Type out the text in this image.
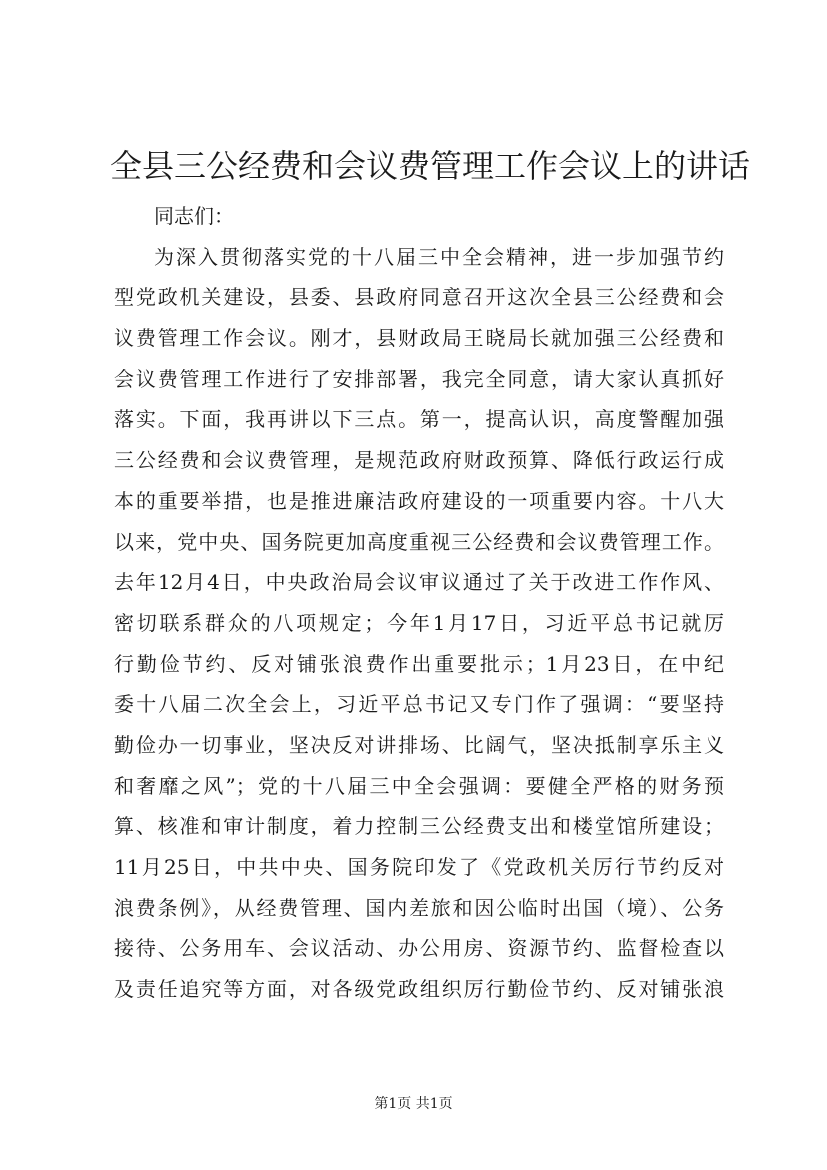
全县三公经费和会议费管理工作会议上的讲话
同志们：
为深入贯彻落实党的十八届三中全会精神，进一步加强节约
型党政机关建设，县委、县政府同意召开这次全县三公经费和会
议费管理工作会议。刚才，县财政局王晓局长就加强三公经费和
会议费管理工作进行了安排部署，我完全同意，请大家认真抓好
落实。下面，我再讲以下三点。第一，提高认识，高度警醒加强
三公经费和会议费管理，是规范政府财政预算、降低行政运行成
本的重要举措，也是推进廉洁政府建设的一项重要内容。十八大
以来，党中央、国务院更加高度重视三公经费和会议费管理工作。
去年12月4日，中央政治局会议审议通过了关于改进工作作风、
密切联系群众的八项规定；今年1月17日，习近平总书记就厉
行勤俭节约、反对铺张浪费作出重要批示；1月23日，在中纪
委十八届二次全会上，习近平总书记又专门作了强调：“要坚持
勤俭办一切事业，坚决反对讲排场、比阔气，坚决抵制享乐主义
和奢靡之风”；党的十八届三中全会强调：要健全严格的财务预
算、核准和审计制度，着力控制三公经费支出和楼堂馆所建设；
11月25日，中共中央、国务院印发了《党政机关厉行节约反对
浪费条例》，从经费管理、国内差旅和因公临时出国（境）、公务
接待、公务用车、会议活动、办公用房、资源节约、监督检查以
及责任追究等方面，对各级党政组织厉行勤俭节约、反对铺张浪
第1页 共1页
